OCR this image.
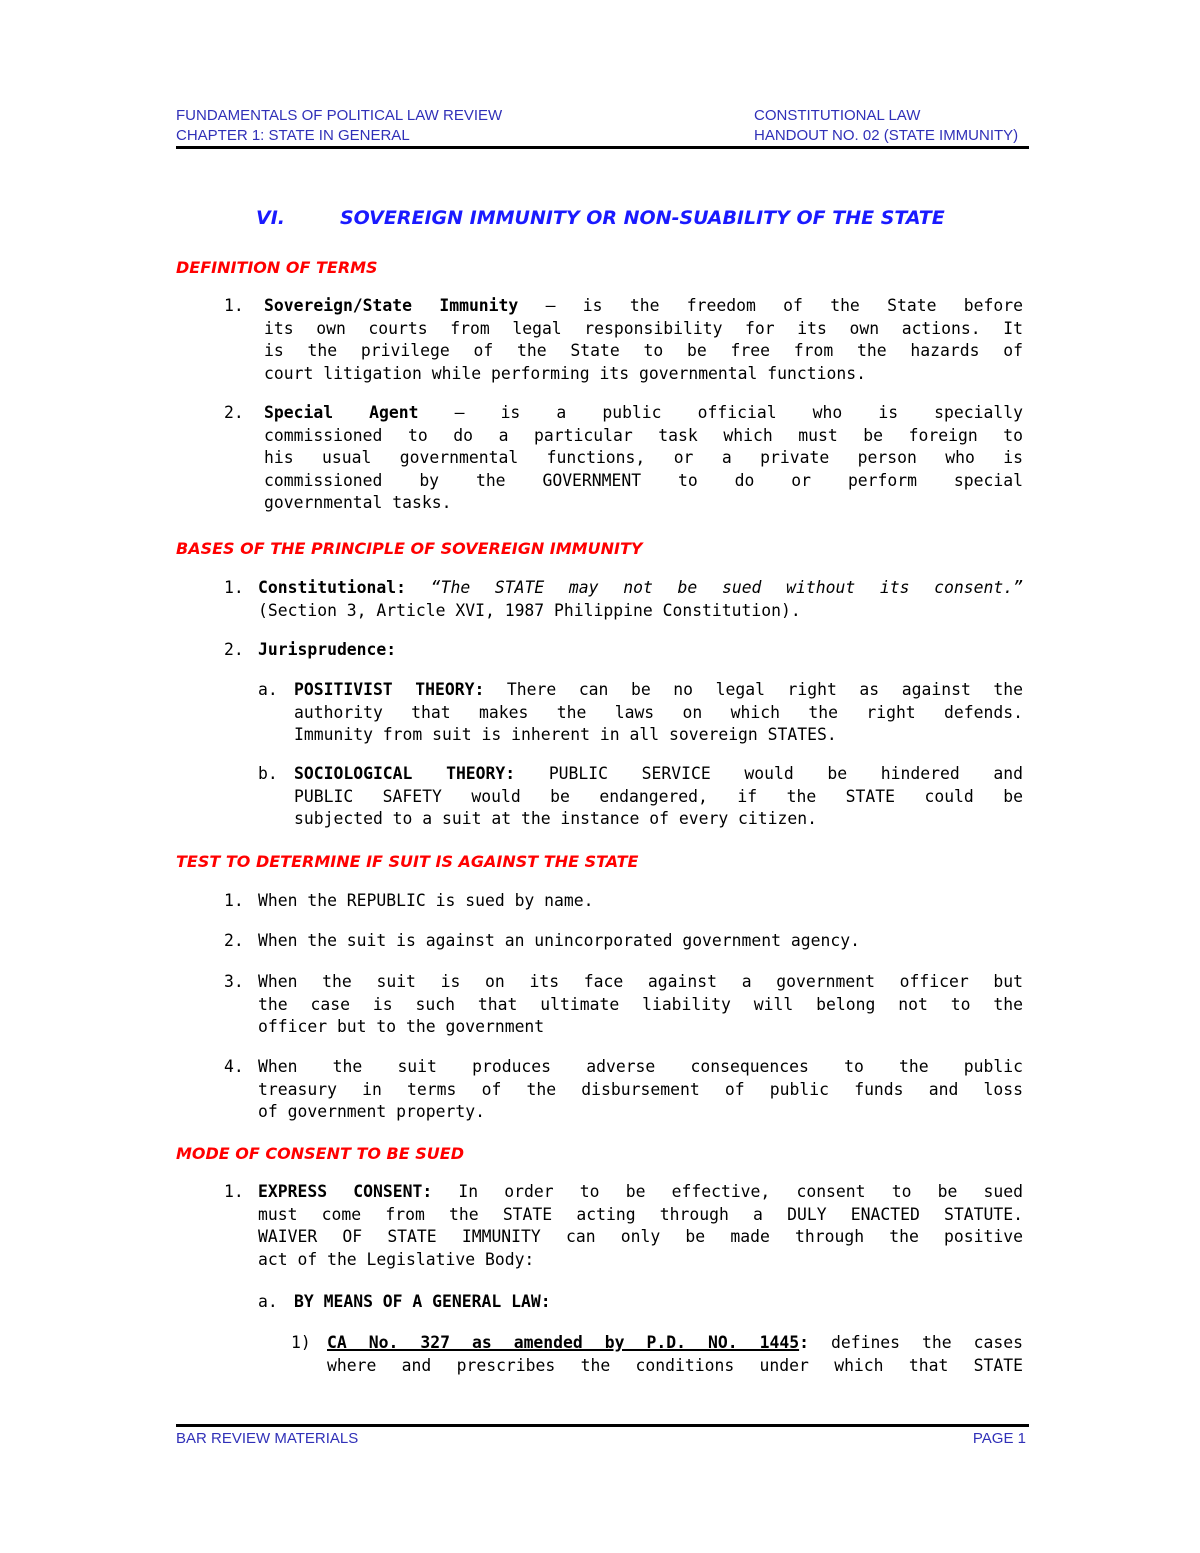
FUNDAMENTALS OF POLITICAL LAW REVIEW	CONSTITUTIONAL LAW
CHAPTER 1: STATE IN GENERAL	HANDOUT NO. 02 (STATE IMMUNITY)
VI.	SOVEREIGN IMMUNITY OR NON-SUABILITY OF THE STATE
DEFINITION OF TERMS
1. Sovereign/State Immunity – is the freedom of the State before
its own courts from legal responsibility for its own actions. It
is the privilege of the State to be free from the hazards of
court litigation while performing its governmental functions.
2. Special Agent – is a public official who is specially
commissioned to do a particular task which must be foreign to
his usual governmental functions, or a private person who is
commissioned by the GOVERNMENT to do or perform special
governmental tasks.
BASES OF THE PRINCIPLE OF SOVEREIGN IMMUNITY
1. Constitutional: “The STATE may not be sued without its consent.”
(Section 3, Article XVI, 1987 Philippine Constitution).
2. Jurisprudence:
a. POSITIVIST THEORY: There can be no legal right as against the
authority that makes the laws on which the right defends.
Immunity from suit is inherent in all sovereign STATES.
b. SOCIOLOGICAL THEORY: PUBLIC SERVICE would be hindered and
PUBLIC SAFETY would be endangered, if the STATE could be
subjected to a suit at the instance of every citizen.
TEST TO DETERMINE IF SUIT IS AGAINST THE STATE
1. When the REPUBLIC is sued by name.
2. When the suit is against an unincorporated government agency.
3. When the suit is on its face against a government officer but
the case is such that ultimate liability will belong not to the
officer but to the government
4. When the suit produces adverse consequences to the public
treasury in terms of the disbursement of public funds and loss
of government property.
MODE OF CONSENT TO BE SUED
1. EXPRESS CONSENT: In order to be effective, consent to be sued
must come from the STATE acting through a DULY ENACTED STATUTE.
WAIVER OF STATE IMMUNITY can only be made through the positive
act of the Legislative Body:
a. BY MEANS OF A GENERAL LAW:
1) CA No. 327 as amended by P.D. NO. 1445: defines the cases
where and prescribes the conditions under which that STATE
BAR REVIEW MATERIALS	PAGE 1
